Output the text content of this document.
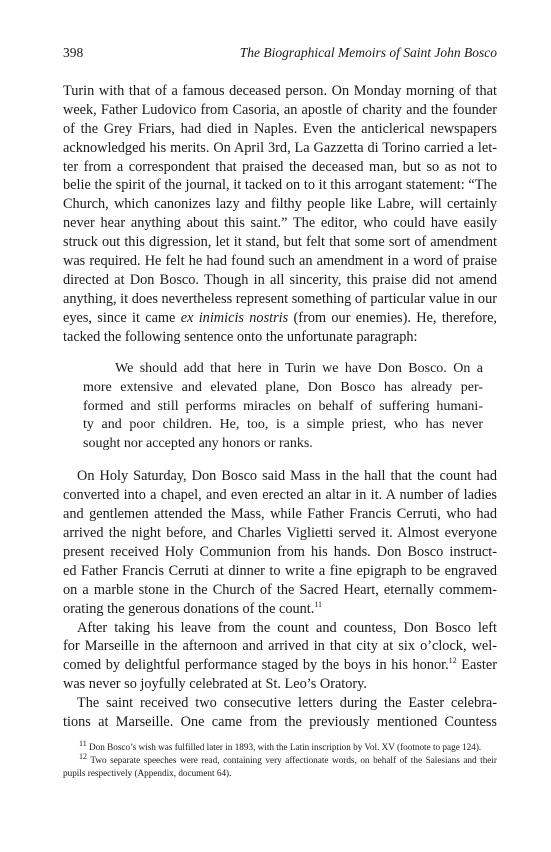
398	The Biographical Memoirs of Saint John Bosco
Turin with that of a famous deceased person. On Monday morning of that
week, Father Ludovico from Casoria, an apostle of charity and the founder
of the Grey Friars, had died in Naples. Even the anticlerical newspapers
acknowledged his merits. On April 3rd, La Gazzetta di Torino carried a let-
ter from a correspondent that praised the deceased man, but so as not to
belie the spirit of the journal, it tacked on to it this arrogant statement: “The
Church, which canonizes lazy and filthy people like Labre, will certainly
never hear anything about this saint.” The editor, who could have easily
struck out this digression, let it stand, but felt that some sort of amendment
was required. He felt he had found such an amendment in a word of praise
directed at Don Bosco. Though in all sincerity, this praise did not amend
anything, it does nevertheless represent something of particular value in our
eyes, since it came ex inimicis nostris (from our enemies). He, therefore,
tacked the following sentence onto the unfortunate paragraph:
We should add that here in Turin we have Don Bosco. On a
more extensive and elevated plane, Don Bosco has already per-
formed and still performs miracles on behalf of suffering humani-
ty and poor children. He, too, is a simple priest, who has never
sought nor accepted any honors or ranks.
On Holy Saturday, Don Bosco said Mass in the hall that the count had
converted into a chapel, and even erected an altar in it. A number of ladies
and gentlemen attended the Mass, while Father Francis Cerruti, who had
arrived the night before, and Charles Viglietti served it. Almost everyone
present received Holy Communion from his hands. Don Bosco instruct-
ed Father Francis Cerruti at dinner to write a fine epigraph to be engraved
on a marble stone in the Church of the Sacred Heart, eternally commem-
orating the generous donations of the count.$^{11}$
After taking his leave from the count and countess, Don Bosco left
for Marseille in the afternoon and arrived in that city at six o’clock, wel-
comed by delightful performance staged by the boys in his honor.$^{12}$ Easter
was never so joyfully celebrated at St. Leo’s Oratory.
The saint received two consecutive letters during the Easter celebra-
tions at Marseille. One came from the previously mentioned Countess
11 Don Bosco’s wish was fulfilled later in 1893, with the Latin inscription by Vol. XV (footnote to page 124).
12 Two separate speeches were read, containing very affectionate words, on behalf of the Salesians and their
pupils respectively (Appendix, document 64).
